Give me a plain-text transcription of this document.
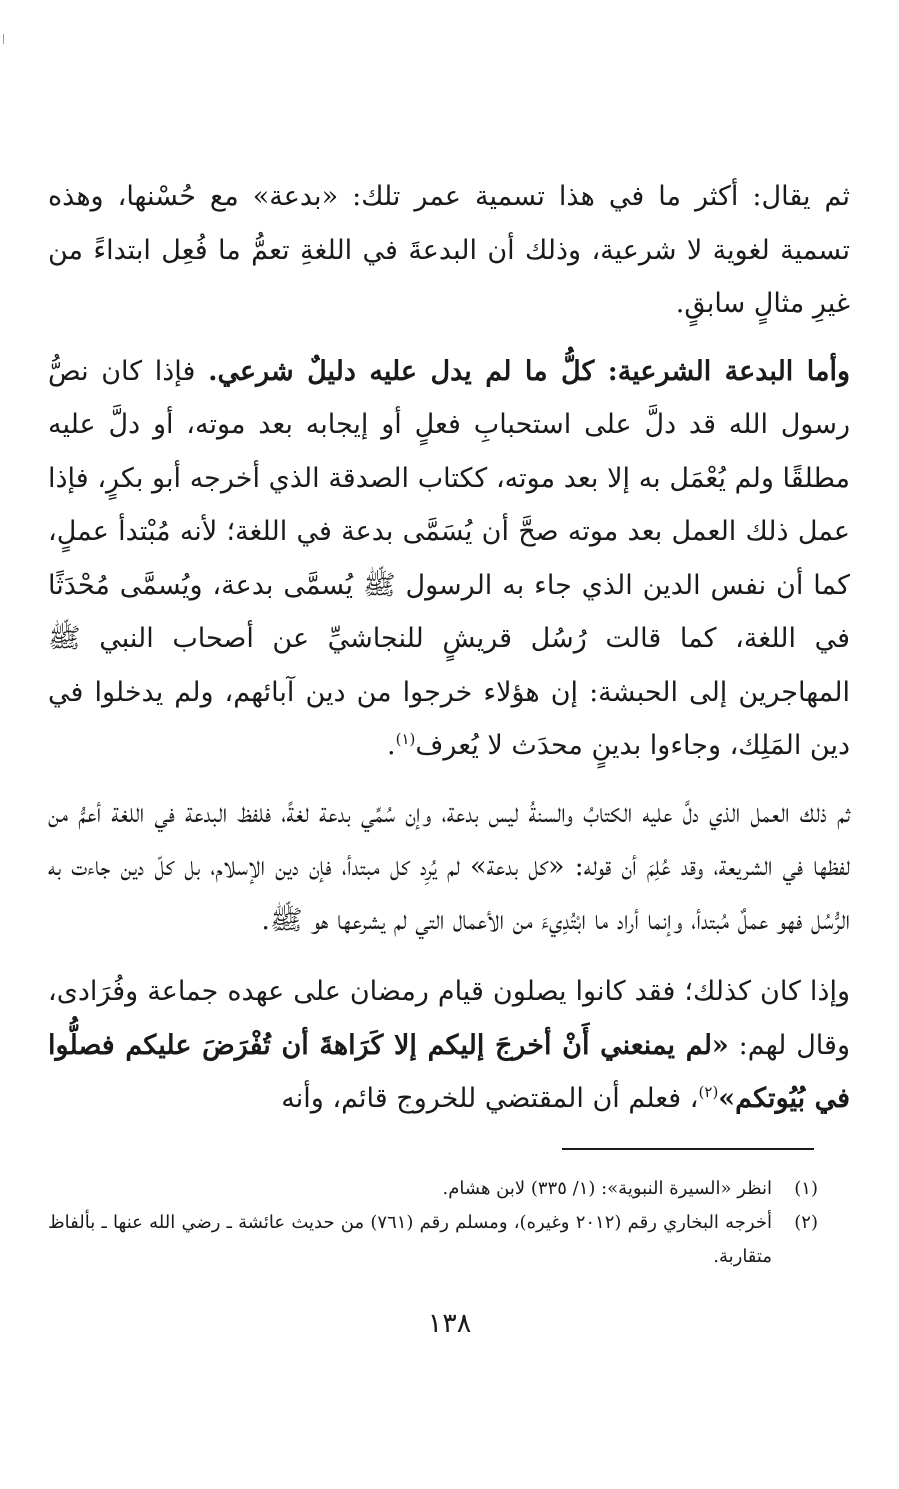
ثم يقال: أكثر ما في هذا تسمية عمر تلك: «بدعة» مع حُسْنها، وهذه تسمية لغوية لا شرعية، وذلك أن البدعةَ في اللغةِ تعمُّ ما فُعِل ابتداءً من غيرِ مثالٍ سابقٍ.

وأما البدعة الشرعية: كلُّ ما لم يدل عليه دليلٌ شرعي. فإذا كان نصُّ رسول الله قد دلَّ على استحبابِ فعلٍ أو إيجابه بعد موته، أو دلَّ عليه مطلقًا ولم يُعْمَل به إلا بعد موته، ككتاب الصدقة الذي أخرجه أبو بكرٍ، فإذا عمل ذلك العمل بعد موته صحَّ أن يُسَمَّى بدعة في اللغة؛ لأنه مُبْتدأ عملٍ، كما أن نفس الدين الذي جاء به الرسول ﷺ يُسمَّى بدعة، ويُسمَّى مُحْدَثًا في اللغة، كما قالت رُسُل قريشٍ للنجاشيِّ عن أصحاب النبي ﷺ المهاجرين إلى الحبشة: إن هؤلاء خرجوا من دين آبائهم، ولم يدخلوا في دين المَلِك، وجاءوا بدينٍ محدَث لا يُعرف$^{(١)}$.

ثم ذلك العمل الذي دلَّ عليه الكتابُ والسنةُ ليس بدعة، وإن سُمِّي بدعة لغةً، فلفظ البدعة في اللغة أعمُّ من لفظها في الشريعة، وقد عُلِمَ أن قوله: «كل بدعة» لم يُرِد كل مبتدأ، فإن دين الإسلام، بل كلّ دين جاءت به الرُّسُل فهو عملٌ مُبتدأ، وإنما أراد ما ابْتُدِيءَ من الأعمال التي لم يشرعها هو ﷺ.

وإذا كان كذلك؛ فقد كانوا يصلون قيام رمضان على عهده جماعة وفُرَادى، وقال لهم: «لم يمنعني أَنْ أخرجَ إليكم إلا كَرَاهةَ أن تُفْرَضَ عليكم فصلُّوا في بُيُوتكم»$^{(٢)}$، فعلم أن المقتضي للخروج قائم، وأنه

(١)
انظر «السيرة النبوية»: (١/ ٣٣٥) لابن هشام.
(٢)
أخرجه البخاري رقم (٢٠١٢ وغيره)، ومسلم رقم (٧٦١) من حديث عائشة ـ رضي الله عنها ـ بألفاظ متقاربة.
١٣٨
